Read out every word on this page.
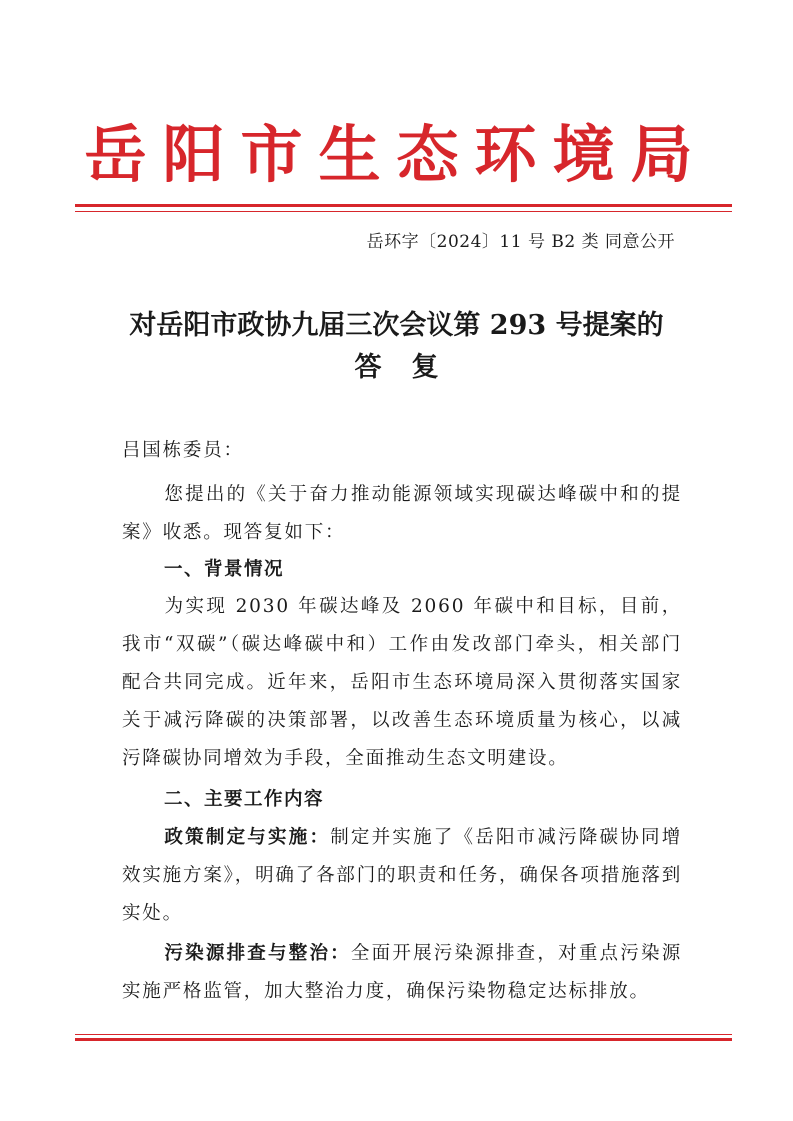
岳阳市生态环境局
岳环字〔2024〕11 号 B2 类 同意公开
对岳阳市政协九届三次会议第 293 号提案的
答复
吕国栋委员：
您提出的《关于奋力推动能源领域实现碳达峰碳中和的提案》收悉。现答复如下：
一、背景情况
为实现 2030 年碳达峰及 2060 年碳中和目标，目前，我市“双碳”（碳达峰碳中和）工作由发改部门牵头，相关部门配合共同完成。近年来，岳阳市生态环境局深入贯彻落实国家关于减污降碳的决策部署，以改善生态环境质量为核心，以减污降碳协同增效为手段，全面推动生态文明建设。
二、主要工作内容
政策制定与实施：制定并实施了《岳阳市减污降碳协同增效实施方案》，明确了各部门的职责和任务，确保各项措施落到实处。
污染源排查与整治：全面开展污染源排查，对重点污染源实施严格监管，加大整治力度，确保污染物稳定达标排放。
